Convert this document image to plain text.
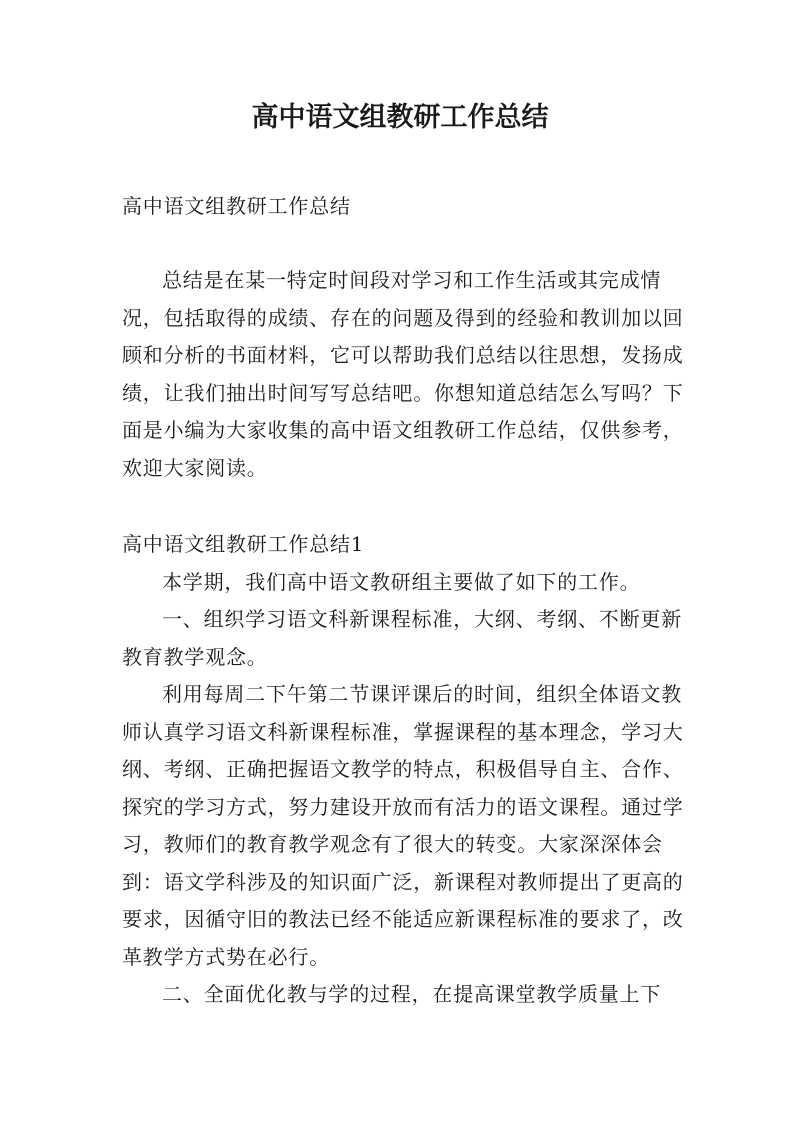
高中语文组教研工作总结

高中语文组教研工作总结

总结是在某一特定时间段对学习和工作生活或其完成情况，包括取得的成绩、存在的问题及得到的经验和教训加以回顾和分析的书面材料，它可以帮助我们总结以往思想，发扬成绩，让我们抽出时间写写总结吧。你想知道总结怎么写吗？下面是小编为大家收集的高中语文组教研工作总结，仅供参考，欢迎大家阅读。

高中语文组教研工作总结1

本学期，我们高中语文教研组主要做了如下的工作。

一、组织学习语文科新课程标准，大纲、考纲、不断更新教育教学观念。

利用每周二下午第二节课评课后的时间，组织全体语文教师认真学习语文科新课程标准，掌握课程的基本理念，学习大纲、考纲、正确把握语文教学的特点，积极倡导自主、合作、探究的学习方式，努力建设开放而有活力的语文课程。通过学习，教师们的教育教学观念有了很大的转变。大家深深体会到：语文学科涉及的知识面广泛，新课程对教师提出了更高的要求，因循守旧的教法已经不能适应新课程标准的要求了，改革教学方式势在必行。

二、全面优化教与学的过程，在提高课堂教学质量上下
